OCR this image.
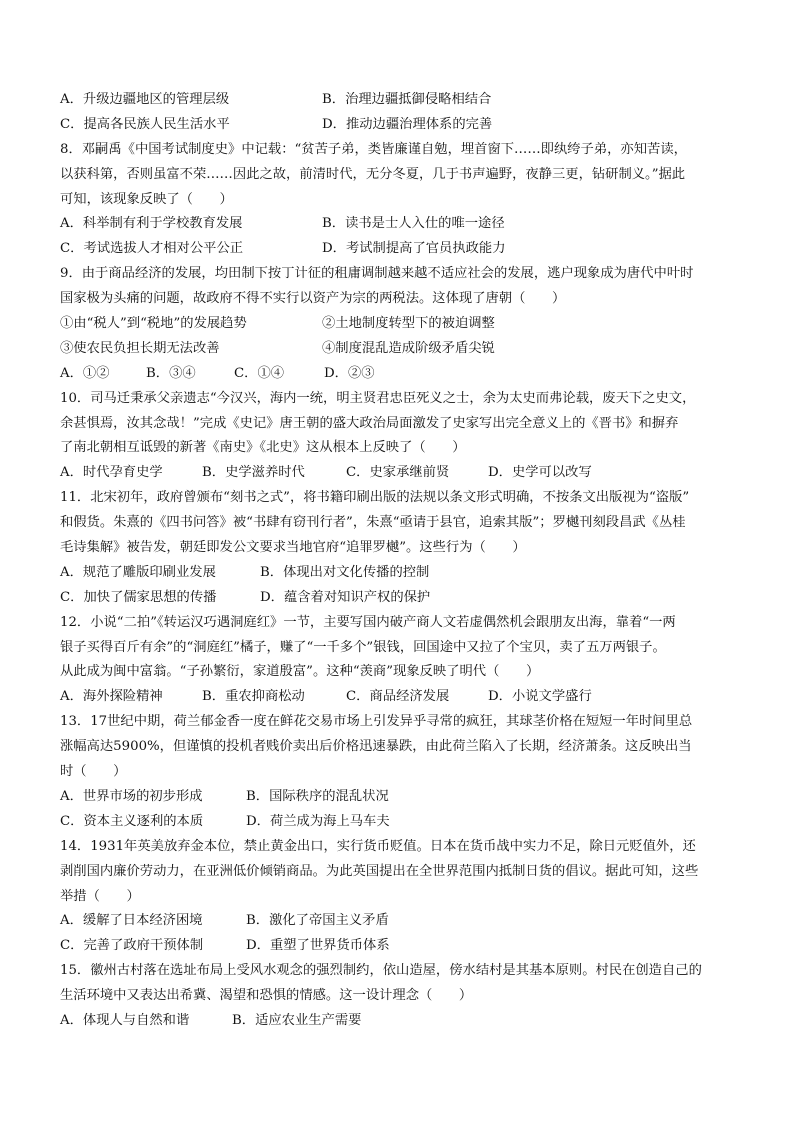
A．升级边疆地区的管理层级	B．治理边疆抵御侵略相结合
C．提高各民族人民生活水平	D．推动边疆治理体系的完善
8．邓嗣禹《中国考试制度史》中记载：“贫苦子弟，类皆廉谨自勉，埋首窗下……即纨绔子弟，亦知苦读，
以获科第，否则虽富不荣……因此之故，前清时代，无分冬夏，几于书声遍野，夜静三更，钻研制义。”据此
可知，该现象反映了（　　）
A．科举制有利于学校教育发展	B．读书是士人入仕的唯一途径
C．考试选拔人才相对公平公正	D．考试制提高了官员执政能力
9．由于商品经济的发展，均田制下按丁计征的租庸调制越来越不适应社会的发展，逃户现象成为唐代中叶时
国家极为头痛的问题，故政府不得不实行以资产为宗的两税法。这体现了唐朝（　　）
①由“税人”到“税地”的发展趋势	②土地制度转型下的被迫调整
③使农民负担长期无法改善	④制度混乱造成阶级矛盾尖锐
A．①②	B．③④	C．①④	D．②③
10．司马迁秉承父亲遗志“今汉兴，海内一统，明主贤君忠臣死义之士，余为太史而弗论载，废天下之史文，
余甚惧焉，汝其念哉！”完成《史记》唐王朝的盛大政治局面激发了史家写出完全意义上的《晋书》和摒弃
了南北朝相互诋毁的新著《南史》《北史》这从根本上反映了（　　）
A．时代孕育史学	B．史学滋养时代	C．史家承继前贤	D．史学可以改写
11．北宋初年，政府曾颁布“刻书之式”，将书籍印刷出版的法规以条文形式明确，不按条文出版视为“盗版”
和假货。朱熹的《四书问答》被“书肆有窃刊行者”，朱熹“亟请于县官，追索其版”；罗樾刊刻段昌武《丛桂
毛诗集解》被告发，朝廷即发公文要求当地官府“追罪罗樾”。这些行为（　　）
A．规范了雕版印刷业发展	B．体现出对文化传播的控制
C．加快了儒家思想的传播	D．蕴含着对知识产权的保护
12．小说“二拍”《转运汉巧遇洞庭红》一节，主要写国内破产商人文若虚偶然机会跟朋友出海，靠着“一两
银子买得百斤有余”的“洞庭红”橘子，赚了“一千多个”银钱，回国途中又拉了个宝贝，卖了五万两银子。
从此成为闽中富翁。“子孙繁衍，家道殷富”。这种“羡商”现象反映了明代（　　）
A．海外探险精神	B．重农抑商松动	C．商品经济发展	D．小说文学盛行
13．17世纪中期，荷兰郁金香一度在鲜花交易市场上引发异乎寻常的疯狂，其球茎价格在短短一年时间里总
涨幅高达5900%，但谨慎的投机者贱价卖出后价格迅速暴跌，由此荷兰陷入了长期，经济萧条。这反映出当
时（　　）
A．世界市场的初步形成	B．国际秩序的混乱状况
C．资本主义逐利的本质	D．荷兰成为海上马车夫
14．1931年英美放弃金本位，禁止黄金出口，实行货币贬值。日本在货币战中实力不足，除日元贬值外，还
剥削国内廉价劳动力，在亚洲低价倾销商品。为此英国提出在全世界范围内抵制日货的倡议。据此可知，这些
举措（　　）
A．缓解了日本经济困境	B．激化了帝国主义矛盾
C．完善了政府干预体制	D．重塑了世界货币体系
15．徽州古村落在选址布局上受风水观念的强烈制约，依山造屋，傍水结村是其基本原则。村民在创造自己的
生活环境中又表达出希冀、渴望和恐惧的情感。这一设计理念（　　）
A．体现人与自然和谐	B．适应农业生产需要
